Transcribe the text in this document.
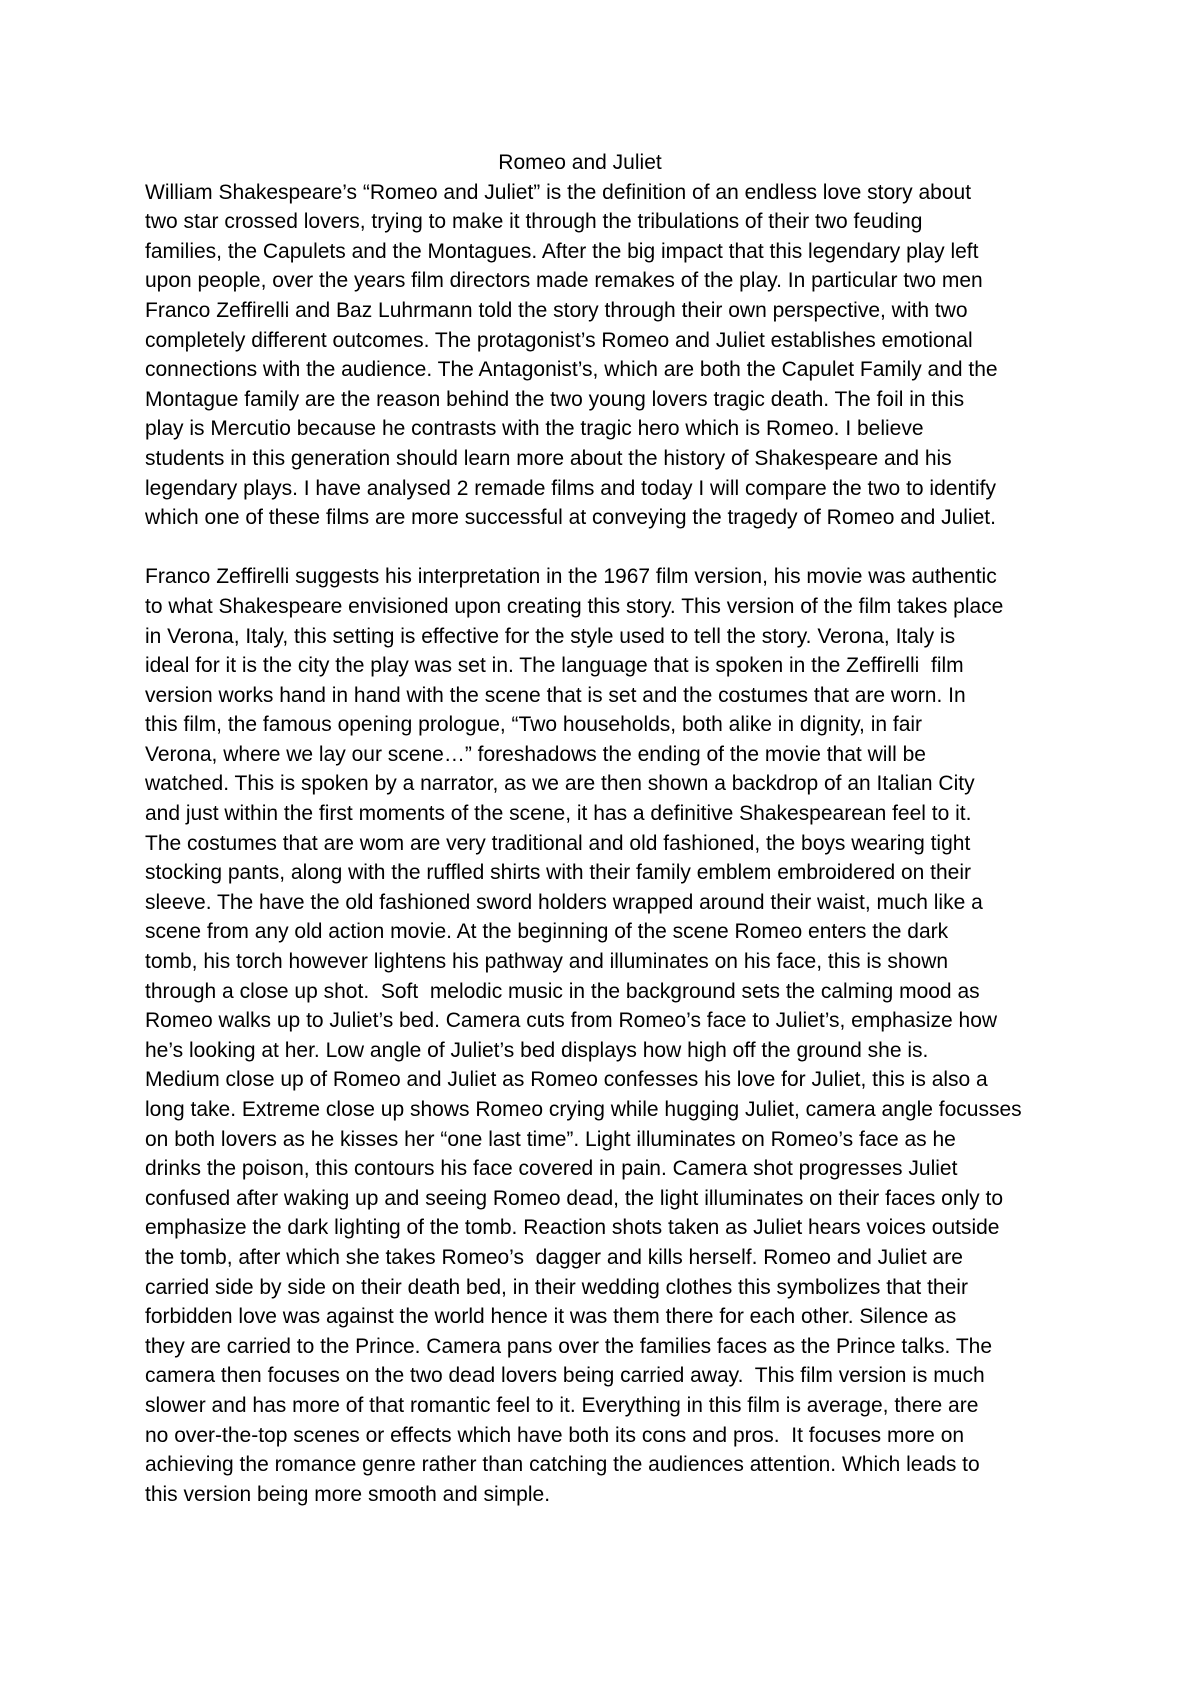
Romeo and Juliet

William Shakespeare’s “Romeo and Juliet” is the definition of an endless love story about
two star crossed lovers, trying to make it through the tribulations of their two feuding
families, the Capulets and the Montagues. After the big impact that this legendary play left
upon people, over the years film directors made remakes of the play. In particular two men
Franco Zeffirelli and Baz Luhrmann told the story through their own perspective, with two
completely different outcomes. The protagonist’s Romeo and Juliet establishes emotional
connections with the audience. The Antagonist’s, which are both the Capulet Family and the
Montague family are the reason behind the two young lovers tragic death. The foil in this
play is Mercutio because he contrasts with the tragic hero which is Romeo. I believe
students in this generation should learn more about the history of Shakespeare and his
legendary plays. I have analysed 2 remade films and today I will compare the two to identify
which one of these films are more successful at conveying the tragedy of Romeo and Juliet.

Franco Zeffirelli suggests his interpretation in the 1967 film version, his movie was authentic
to what Shakespeare envisioned upon creating this story. This version of the film takes place
in Verona, Italy, this setting is effective for the style used to tell the story. Verona, Italy is
ideal for it is the city the play was set in. The language that is spoken in the Zeffirelli  film
version works hand in hand with the scene that is set and the costumes that are worn. In
this film, the famous opening prologue, “Two households, both alike in dignity, in fair
Verona, where we lay our scene…” foreshadows the ending of the movie that will be
watched. This is spoken by a narrator, as we are then shown a backdrop of an Italian City
and just within the first moments of the scene, it has a definitive Shakespearean feel to it.
The costumes that are wom are very traditional and old fashioned, the boys wearing tight
stocking pants, along with the ruffled shirts with their family emblem embroidered on their
sleeve. The have the old fashioned sword holders wrapped around their waist, much like a
scene from any old action movie. At the beginning of the scene Romeo enters the dark
tomb, his torch however lightens his pathway and illuminates on his face, this is shown
through a close up shot.  Soft  melodic music in the background sets the calming mood as
Romeo walks up to Juliet’s bed. Camera cuts from Romeo’s face to Juliet’s, emphasize how
he’s looking at her. Low angle of Juliet’s bed displays how high off the ground she is.
Medium close up of Romeo and Juliet as Romeo confesses his love for Juliet, this is also a
long take. Extreme close up shows Romeo crying while hugging Juliet, camera angle focusses
on both lovers as he kisses her “one last time”. Light illuminates on Romeo’s face as he
drinks the poison, this contours his face covered in pain. Camera shot progresses Juliet
confused after waking up and seeing Romeo dead, the light illuminates on their faces only to
emphasize the dark lighting of the tomb. Reaction shots taken as Juliet hears voices outside
the tomb, after which she takes Romeo’s  dagger and kills herself. Romeo and Juliet are
carried side by side on their death bed, in their wedding clothes this symbolizes that their
forbidden love was against the world hence it was them there for each other. Silence as
they are carried to the Prince. Camera pans over the families faces as the Prince talks. The
camera then focuses on the two dead lovers being carried away.  This film version is much
slower and has more of that romantic feel to it. Everything in this film is average, there are
no over-the-top scenes or effects which have both its cons and pros.  It focuses more on
achieving the romance genre rather than catching the audiences attention. Which leads to
this version being more smooth and simple.
